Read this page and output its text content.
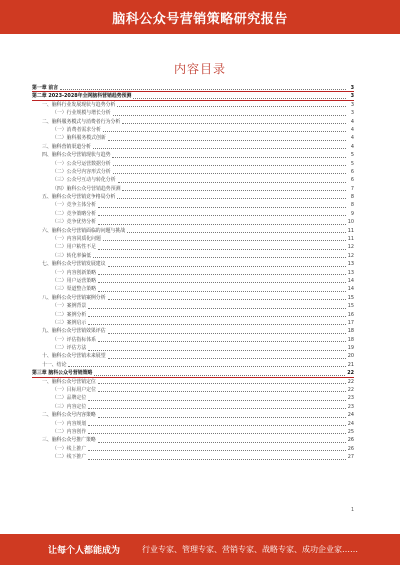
脑科公众号营销策略研究报告
内容目录
第一章 前言	3
第二章 2023-2028年全网脑科营销趋势预测	3
一、脑科行业发展现状与趋势分析	3
（一）行业规模与增长分析	3
二、脑科服务模式与消费者行为分析	4
（一）消费者需求分析	4
（二）脑科服务模式创新	4
三、脑科营销渠道分析	4
四、脑科公众号营销现状与趋势	5
（一）公众号运营数据分析	5
（二）公众号内容形式分析	6
（三）公众号互动与转化分析	6
（四）脑科公众号营销趋势预测	7
五、脑科公众号营销竞争格局分析	8
（一）竞争主体分析	8
（二）竞争策略分析	9
（三）竞争优势分析	10
六、脑科公众号营销面临的问题与挑战	11
（一）内容同质化问题	11
（二）用户粘性不足	12
（三）转化率偏低	12
七、脑科公众号营销发展建议	13
（一）内容创新策略	13
（二）用户运营策略	14
（三）渠道整合策略	14
八、脑科公众号营销案例分析	15
（一）案例背景	15
（二）案例分析	16
（三）案例启示	17
九、脑科公众号营销效果评估	18
（一）评估指标体系	18
（二）评估方法	19
十、脑科公众号营销未来展望	20
十一、结论	21
第三章 脑科公众号营销策略	22
一、脑科公众号营销定位	22
（一）目标用户定位	22
（二）品牌定位	23
（三）内容定位	23
二、脑科公众号内容策略	24
（一）内容规划	24
（二）内容创作	25
三、脑科公众号推广策略	26
（一）线上推广	26
（二）线下推广	27
1
让每个人都能成为	行业专家、管理专家、营销专家、战略专家、成功企业家……
